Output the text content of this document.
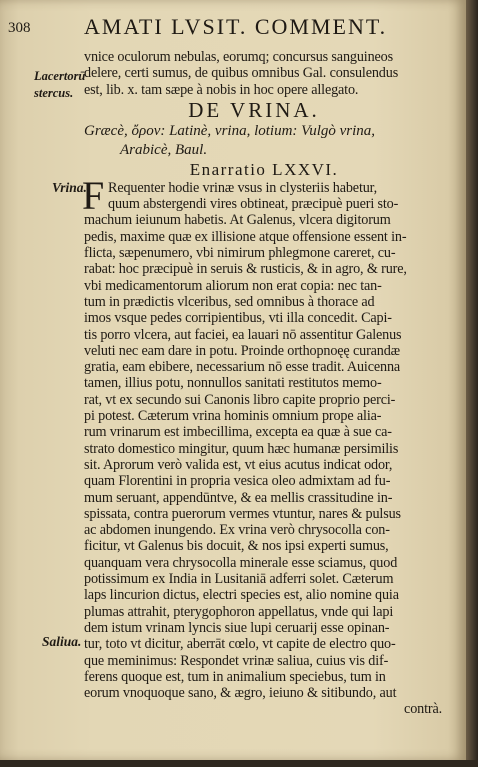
308 AMATI LVSIT. COMMENT.
Lacertorū
stercus.
Vrina.
Saliua.
vnice oculorum nebulas, eorumq; concursus sanguineos
delere, certi sumus, de quibus omnibus Gal. consulendus
est, lib. x. tam sæpe à nobis in hoc opere allegato.
DE VRINA.
Græcè, ὄρον: Latinè, vrina, lotium: Vulgò vrina,
Arabicè, Baul.
Enarratio LXXVI.
F Requenter hodie vrinæ vsus in clysteriis habetur,
quum abstergendi vires obtineat, præcipuè pueri sto-
machum ieiunum habetis. At Galenus, vlcera digitorum
pedis, maxime quæ ex illisione atque offensione essent in-
flicta, sæpenumero, vbi nimirum phlegmone careret, cu-
rabat: hoc præcipuè in seruis & rusticis, & in agro, & rure,
vbi medicamentorum aliorum non erat copia: nec tan-
tum in prædictis vlceribus, sed omnibus à thorace ad
imos vsque pedes corripientibus, vti illa concedit. Capi-
tis porro vlcera, aut faciei, ea lauari nō assentitur Galenus
veluti nec eam dare in potu. Proinde orthopnoęę curandæ
gratia, eam ebibere, necessarium nō esse tradit. Auicenna
tamen, illius potu, nonnullos sanitati restitutos memo-
rat, vt ex secundo sui Canonis libro capite proprio perci-
pi potest. Cæterum vrina hominis omnium prope alia-
rum vrinarum est imbecillima, excepta ea quæ à sue ca-
strato domestico mingitur, quum hæc humanæ persimilis
sit. Aprorum verò valida est, vt eius acutus indicat odor,
quam Florentini in propria vesica oleo admixtam ad fu-
mum seruant, appendūntve, & ea mellis crassitudine in-
spissata, contra puerorum vermes vtuntur, nares & pulsus
ac abdomen inungendo. Ex vrina verò chrysocolla con-
ficitur, vt Galenus bis docuit, & nos ipsi experti sumus,
quanquam vera chrysocolla minerale esse sciamus, quod
potissimum ex India in Lusitaniā adferri solet. Cæterum
laps lincurion dictus, electri species est, alio nomine quia
plumas attrahit, pterygophoron appellatus, vnde qui lapi
dem istum vrinam lyncis siue lupi ceruarij esse opinan-
tur, toto vt dicitur, aberrāt cœlo, vt capite de electro quo-
que meminimus: Respondet vrinæ saliua, cuius vis dif-
ferens quoque est, tum in animalium speciebus, tum in
eorum vnoquoque sano, & ægro, ieiuno & sitibundo, aut
contrà.
